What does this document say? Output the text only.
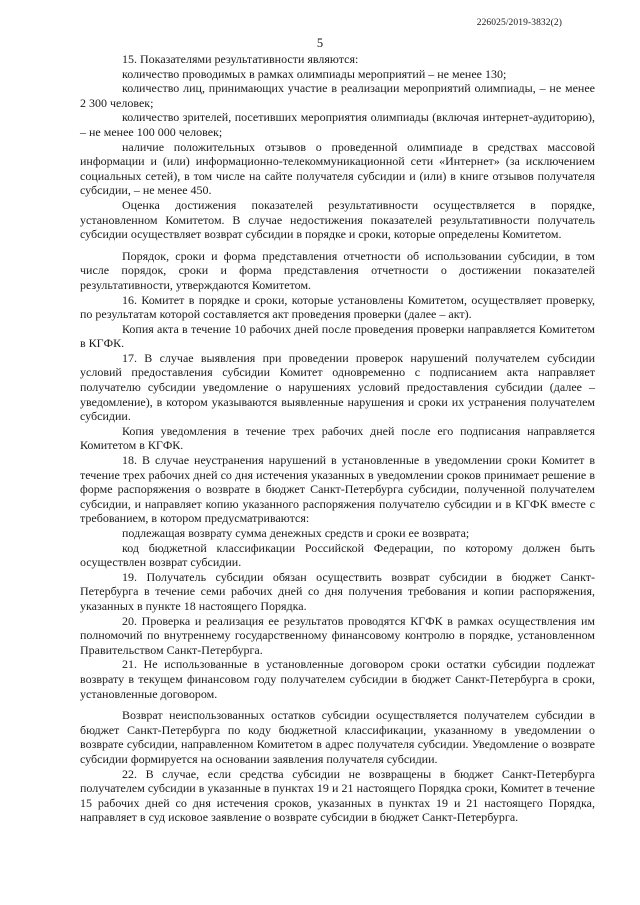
226025/2019-3832(2)
5

15. Показателями результативности являются:

количество проводимых в рамках олимпиады мероприятий – не менее 130;

количество лиц, принимающих участие в реализации мероприятий олимпиады, – не менее 2 300 человек;

количество зрителей, посетивших мероприятия олимпиады (включая интернет-аудиторию), – не менее 100 000 человек;

наличие положительных отзывов о проведенной олимпиаде в средствах массовой информации и (или) информационно-телекоммуникационной сети «Интернет» (за исключением социальных сетей), в том числе на сайте получателя субсидии и (или) в книге отзывов получателя субсидии, – не менее 450.

Оценка достижения показателей результативности осуществляется в порядке, установленном Комитетом. В случае недостижения показателей результативности получатель субсидии осуществляет возврат субсидии в порядке и сроки, которые определены Комитетом.

Порядок, сроки и форма представления отчетности об использовании субсидии, в том числе порядок, сроки и форма представления отчетности о достижении показателей результативности, утверждаются Комитетом.

16. Комитет в порядке и сроки, которые установлены Комитетом, осуществляет проверку, по результатам которой составляется акт проведения проверки (далее – акт).

Копия акта в течение 10 рабочих дней после проведения проверки направляется Комитетом в КГФК.

17. В случае выявления при проведении проверок нарушений получателем субсидии условий предоставления субсидии Комитет одновременно с подписанием акта направляет получателю субсидии уведомление о нарушениях условий предоставления субсидии (далее – уведомление), в котором указываются выявленные нарушения и сроки их устранения получателем субсидии.

Копия уведомления в течение трех рабочих дней после его подписания направляется Комитетом в КГФК.

18. В случае неустранения нарушений в установленные в уведомлении сроки Комитет в течение трех рабочих дней со дня истечения указанных в уведомлении сроков принимает решение в форме распоряжения о возврате в бюджет Санкт-Петербурга субсидии, полученной получателем субсидии, и направляет копию указанного распоряжения получателю субсидии и в КГФК вместе с требованием, в котором предусматриваются:

подлежащая возврату сумма денежных средств и сроки ее возврата;

код бюджетной классификации Российской Федерации, по которому должен быть осуществлен возврат субсидии.

19. Получатель субсидии обязан осуществить возврат субсидии в бюджет Санкт-Петербурга в течение семи рабочих дней со дня получения требования и копии распоряжения, указанных в пункте 18 настоящего Порядка.

20. Проверка и реализация ее результатов проводятся КГФК в рамках осуществления им полномочий по внутреннему государственному финансовому контролю в порядке, установленном Правительством Санкт-Петербурга.

21. Не использованные в установленные договором сроки остатки субсидии подлежат возврату в текущем финансовом году получателем субсидии в бюджет Санкт-Петербурга в сроки, установленные договором.

Возврат неиспользованных остатков субсидии осуществляется получателем субсидии в бюджет Санкт-Петербурга по коду бюджетной классификации, указанному в уведомлении о возврате субсидии, направленном Комитетом в адрес получателя субсидии. Уведомление о возврате субсидии формируется на основании заявления получателя субсидии.

22. В случае, если средства субсидии не возвращены в бюджет Санкт-Петербурга получателем субсидии в указанные в пунктах 19 и 21 настоящего Порядка сроки, Комитет в течение 15 рабочих дней со дня истечения сроков, указанных в пунктах 19 и 21 настоящего Порядка, направляет в суд исковое заявление о возврате субсидии в бюджет Санкт-Петербурга.
